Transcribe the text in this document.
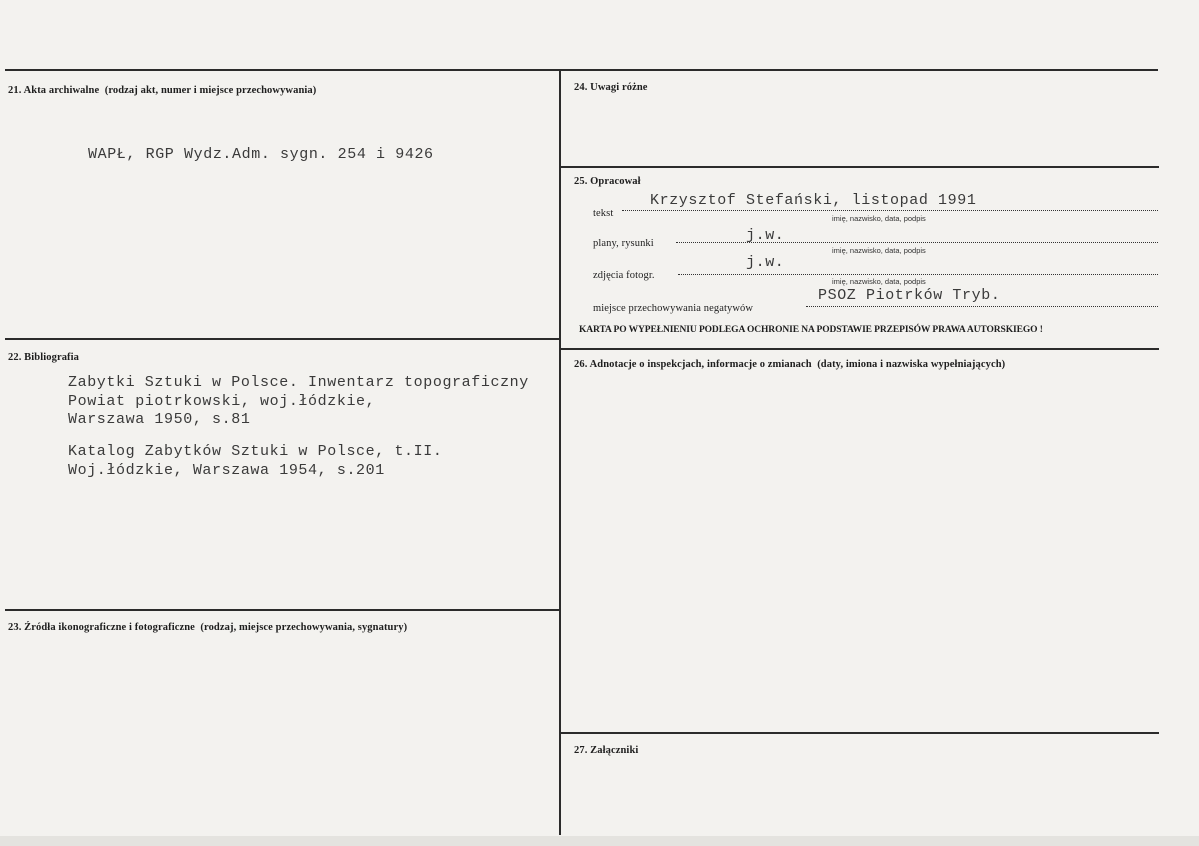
21. Akta archiwalne (rodzaj akt, numer i miejsce przechowywania)
WAPŁ, RGP Wydz.Adm. sygn. 254 i 9426
22. Bibliografia
Zabytki Sztuki w Polsce. Inwentarz topograficzny
Powiat piotrkowski, woj.łódzkie,
Warszawa 1950, s.81
Katalog Zabytków Sztuki w Polsce, t.II.
Woj.łódzkie, Warszawa 1954, s.201
23. Źródła ikonograficzne i fotograficzne (rodzaj, miejsce przechowywania, sygnatury)
24. Uwagi różne
25. Opracował
tekst
Krzysztof Stefański, listopad 1991
imię, nazwisko, data, podpis
plany, rysunki	j.w.
imię, nazwisko, data, podpis
zdjęcia fotogr.
j.w.
imię, nazwisko, data, podpis
miejsce przechowywania negatywów
PSOZ Piotrków Tryb.
KARTA PO WYPEŁNIENIU PODLEGA OCHRONIE NA PODSTAWIE PRZEPISÓW PRAWA AUTORSKIEGO !
26. Adnotacje o inspekcjach, informacje o zmianach (daty, imiona i nazwiska wypełniających)
27. Załączniki
